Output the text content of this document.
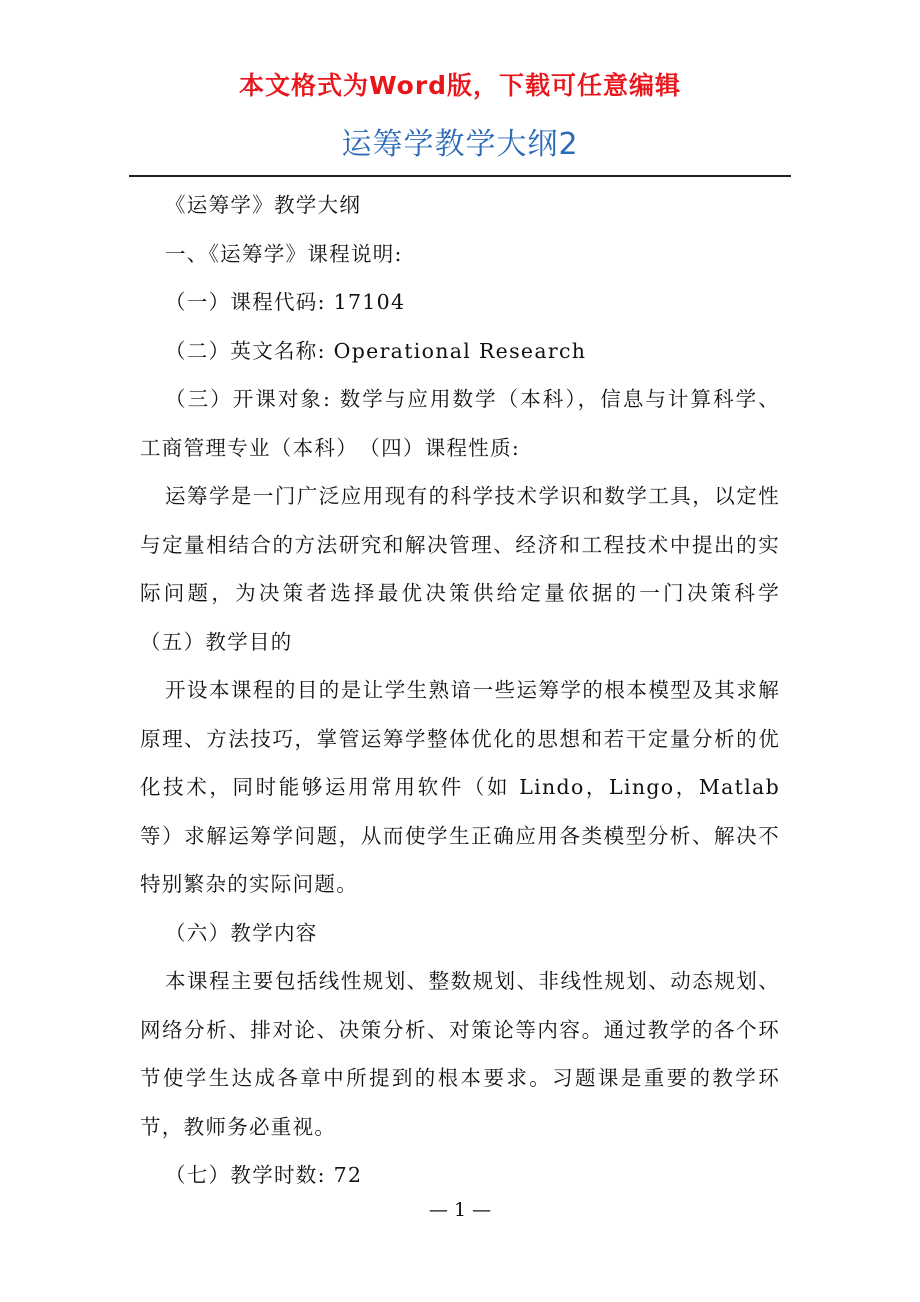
本文格式为Word版，下载可任意编辑
运筹学教学大纲2

《运筹学》教学大纲

一、《运筹学》课程说明:

（一）课程代码: 17104

（二）英文名称: Operational Research

（三）开课对象: 数学与应用数学（本科），信息与计算科学、工商管理专业（本科）　（四）课程性质:

运筹学是一门广泛应用现有的科学技术学识和数学工具，以定性与定量相结合的方法研究和解决管理、经济和工程技术中提出的实际问题，为决策者选择最优决策供给定量依据的一门决策科学　（五）教学目的

开设本课程的目的是让学生熟谙一些运筹学的根本模型及其求解原理、方法技巧，掌管运筹学整体优化的思想和若干定量分析的优化技术，同时能够运用常用软件（如 Lindo，Lingo，Matlab 等）求解运筹学问题，从而使学生正确应用各类模型分析、解决不特别繁杂的实际问题。

（六）教学内容

本课程主要包括线性规划、整数规划、非线性规划、动态规划、网络分析、排对论、决策分析、对策论等内容。通过教学的各个环节使学生达成各章中所提到的根本要求。习题课是重要的教学环节，教师务必重视。

（七）教学时数: 72

— 1 —
